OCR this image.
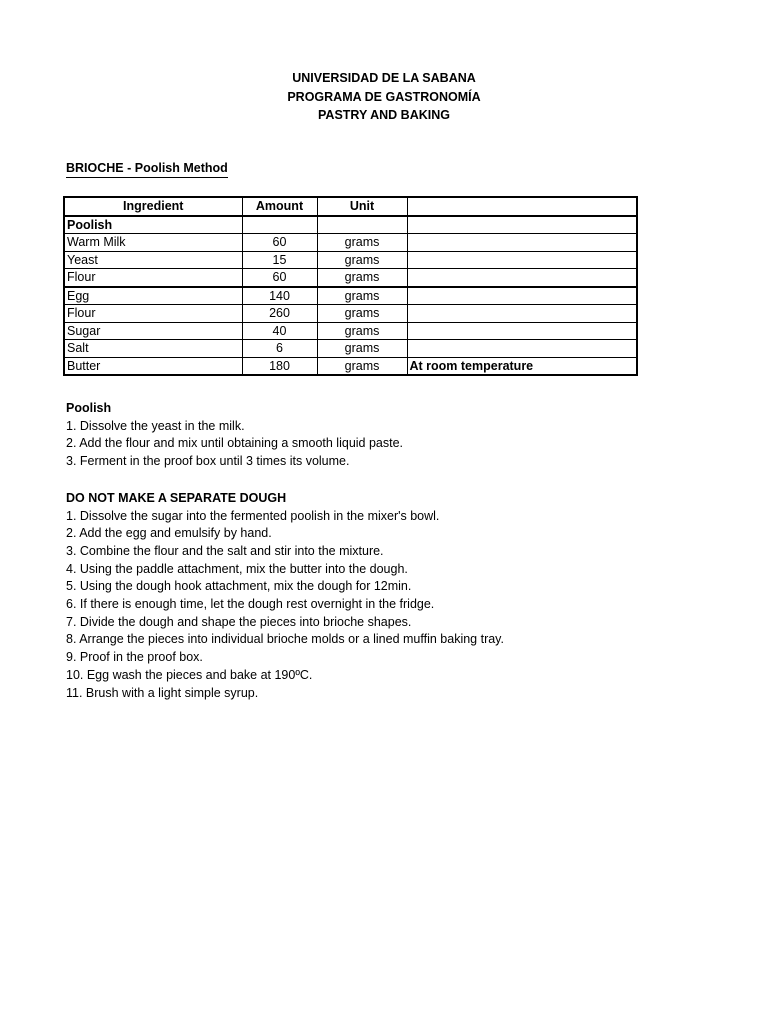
UNIVERSIDAD DE LA SABANA
PROGRAMA DE GASTRONOMÍA
PASTRY AND BAKING
BRIOCHE - Poolish Method
Ingredient	Amount	Unit	
Poolish			
Warm Milk	60	grams	
Yeast	15	grams	
Flour	60	grams	
Egg	140	grams	
Flour	260	grams	
Sugar	40	grams	
Salt	6	grams	
Butter	180	grams	At room temperature
Poolish
1. Dissolve the yeast in the milk.
2. Add the flour and mix until obtaining a smooth liquid paste.
3. Ferment in the proof box until 3 times its volume.
DO NOT MAKE A SEPARATE DOUGH
1. Dissolve the sugar into the fermented poolish in the mixer's bowl.
2. Add the egg and emulsify by hand.
3. Combine the flour and the salt and stir into the mixture.
4. Using the paddle attachment, mix the butter into the dough.
5. Using the dough hook attachment, mix the dough for 12min.
6. If there is enough time, let the dough rest overnight in the fridge.
7. Divide the dough and shape the pieces into brioche shapes.
8. Arrange the pieces into individual brioche molds or a lined muffin baking tray.
9. Proof in the proof box.
10. Egg wash the pieces and bake at 190ºC.
11. Brush with a light simple syrup.
